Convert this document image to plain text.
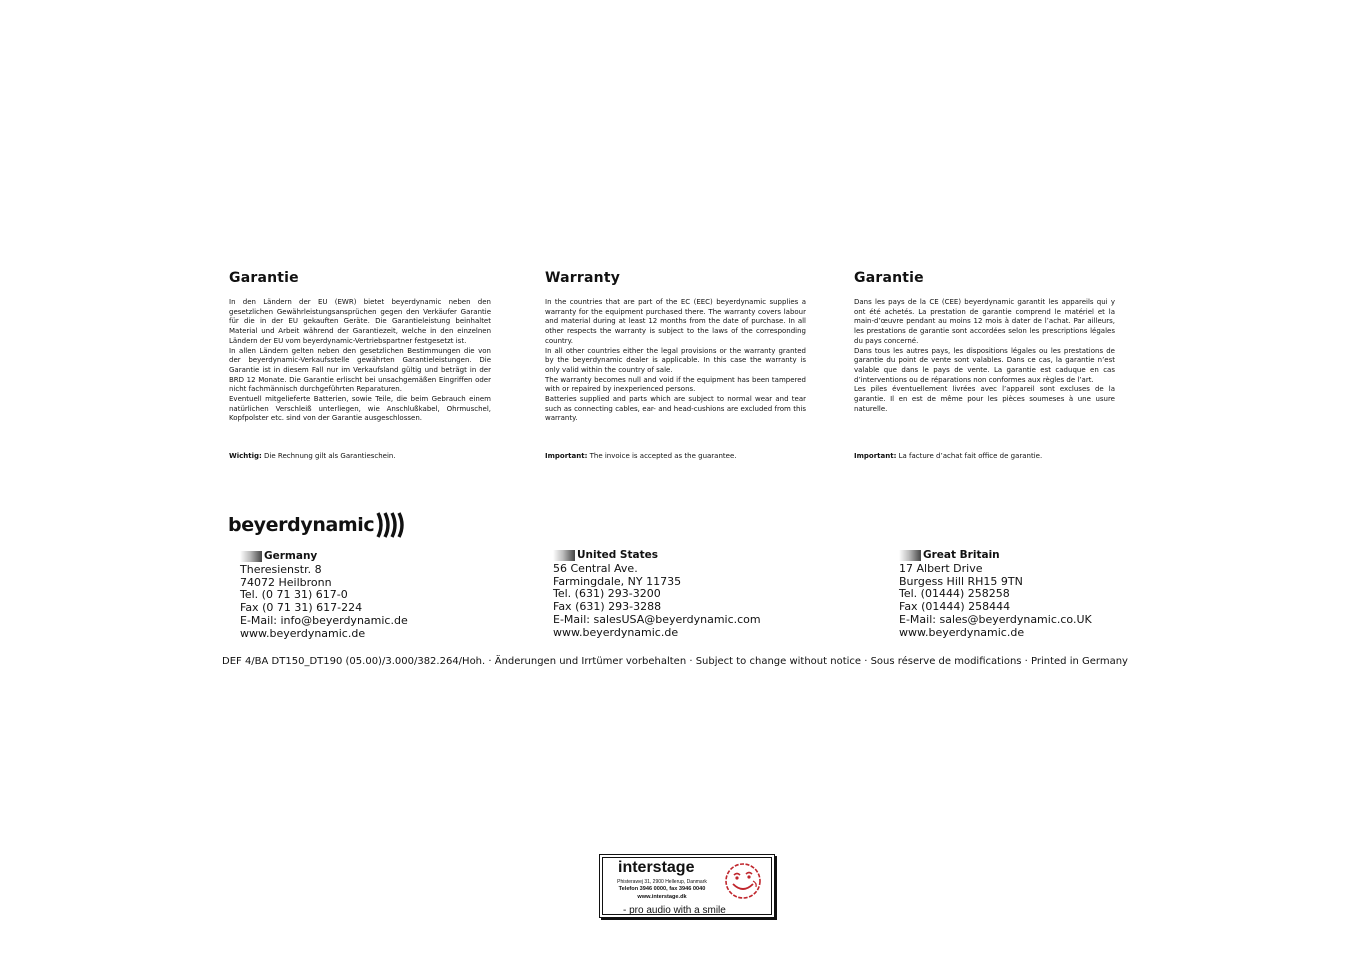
Garantie

In den Ländern der EU (EWR) bietet beyerdynamic neben den gesetzlichen Gewährleistungsansprüchen gegen den Verkäufer Garantie für die in der EU gekauften Geräte. Die Garantieleistung beinhaltet Material und Arbeit während der Garantiezeit, welche in den einzelnen Ländern der EU vom beyerdynamic-Vertriebspartner festgesetzt ist.

In allen Ländern gelten neben den gesetzlichen Bestimmungen die von der beyerdynamic-Verkaufsstelle gewährten Garantieleistungen. Die Garantie ist in diesem Fall nur im Verkaufsland gültig und beträgt in der BRD 12 Monate. Die Garantie erlischt bei unsachgemäßen Eingriffen oder nicht fachmännisch durchgeführten Reparaturen.

Eventuell mitgelieferte Batterien, sowie Teile, die beim Gebrauch einem natürlichen Verschleiß unterliegen, wie Anschlußkabel, Ohrmuschel, Kopfpolster etc. sind von der Garantie ausgeschlossen.

Wichtig: Die Rechnung gilt als Garantieschein.
Warranty

In the countries that are part of the EC (EEC) beyerdynamic supplies a warranty for the equipment purchased there. The warranty covers labour and material during at least 12 months from the date of purchase. In all other respects the warranty is subject to the laws of the corresponding country.

In all other countries either the legal provisions or the warranty granted by the beyerdynamic dealer is applicable. In this case the warranty is only valid within the country of sale.

The warranty becomes null and void if the equipment has been tampered with or repaired by inexperienced persons.

Batteries supplied and parts which are subject to normal wear and tear such as connecting cables, ear- and head-cushions are excluded from this warranty.

Important: The invoice is accepted as the guarantee.
Garantie

Dans les pays de la CE (CEE) beyerdynamic garantit les appareils qui y ont été achetés. La prestation de garantie comprend le matériel et la main-d’œuvre pendant au moins 12 mois à dater de l’achat. Par ailleurs, les prestations de garantie sont accordées selon les prescriptions légales du pays concerné.

Dans tous les autres pays, les dispositions légales ou les prestations de garantie du point de vente sont valables. Dans ce cas, la garantie n’est valable que dans le pays de vente. La garantie est caduque en cas d’interventions ou de réparations non conformes aux règles de l’art.

Les piles éventuellement livrées avec l’appareil sont excluses de la garantie. Il en est de même pour les pièces soumeses à une usure naturelle.

Important: La facture d’achat fait office de garantie.
beyerdynamic
Germany
Theresienstr. 8
74072 Heilbronn
Tel. (0 71 31) 617-0
Fax (0 71 31) 617-224
E-Mail: info@beyerdynamic.de
www.beyerdynamic.de
United States
56 Central Ave.
Farmingdale, NY 11735
Tel. (631) 293-3200
Fax (631) 293-3288
E-Mail: salesUSA@beyerdynamic.com
www.beyerdynamic.de
Great Britain
17 Albert Drive
Burgess Hill RH15 9TN
Tel. (01444) 258258
Fax (01444) 258444
E-Mail: sales@beyerdynamic.co.UK
www.beyerdynamic.de
DEF 4/BA DT150_DT190 (05.00)/3.000/382.264/Hoh. · Änderungen und Irrtümer vorbehalten · Subject to change without notice · Sous réserve de modifications · Printed in Germany
interstage
Phisterawej 31, 2900 Hellerup, Danmark
Telefon 3946 0000, fax 3946 0040
www.interstage.dk
- pro audio with a smile
